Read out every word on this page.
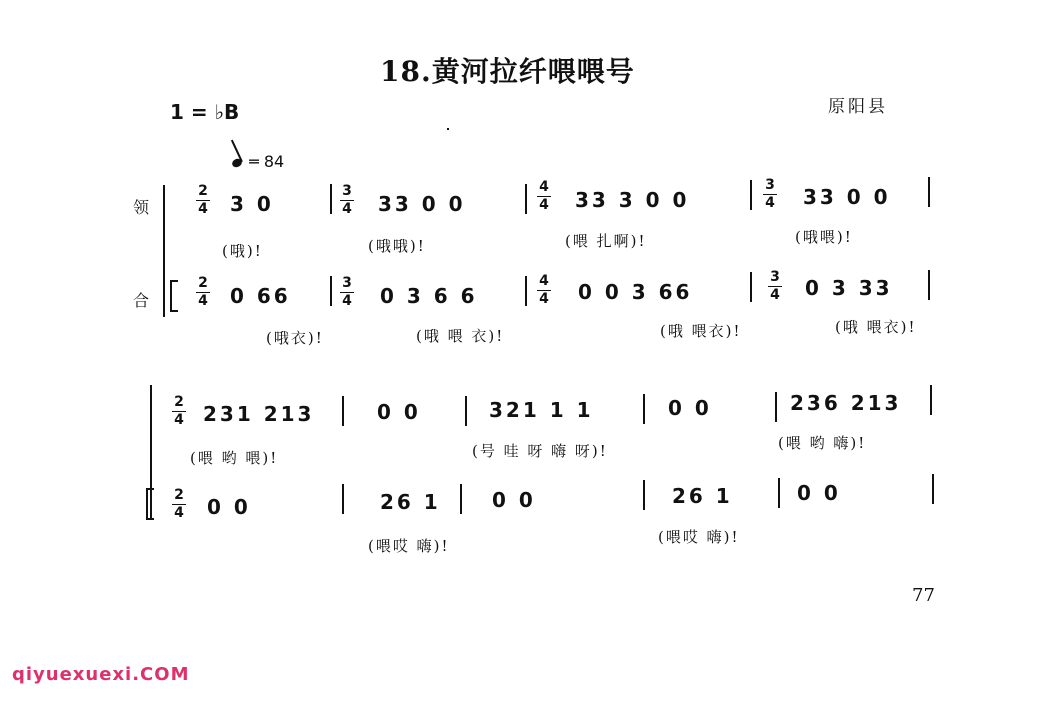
18.黄河拉纤喂喂号
1 = ♭B	原阳县
═ 84
领
合
2
4 3 0
(哦)!
3
4 33 0 0
(哦哦)!
4
4 33 3 0 0
(喂 扎啊)!
3
4 33 0 0
(哦喂)!
2
4 0 66
(哦衣)!
3
4 0 3 6 6
(哦 喂 衣)!
4
4 0 0 3 66
(哦 喂衣)!
3
4 0 3 33
(哦 喂衣)!
2
4 231 213
(喂 哟 喂)!
0 0	321 1 1
(号 哇 呀 嗨 呀)!
0 0	236 213
(喂 哟 嗨)!
2
4 0 0	26 1
(喂哎 嗨)!
0 0	26 1
(喂哎 嗨)!
0 0
77
qiyuexuexi.COM
